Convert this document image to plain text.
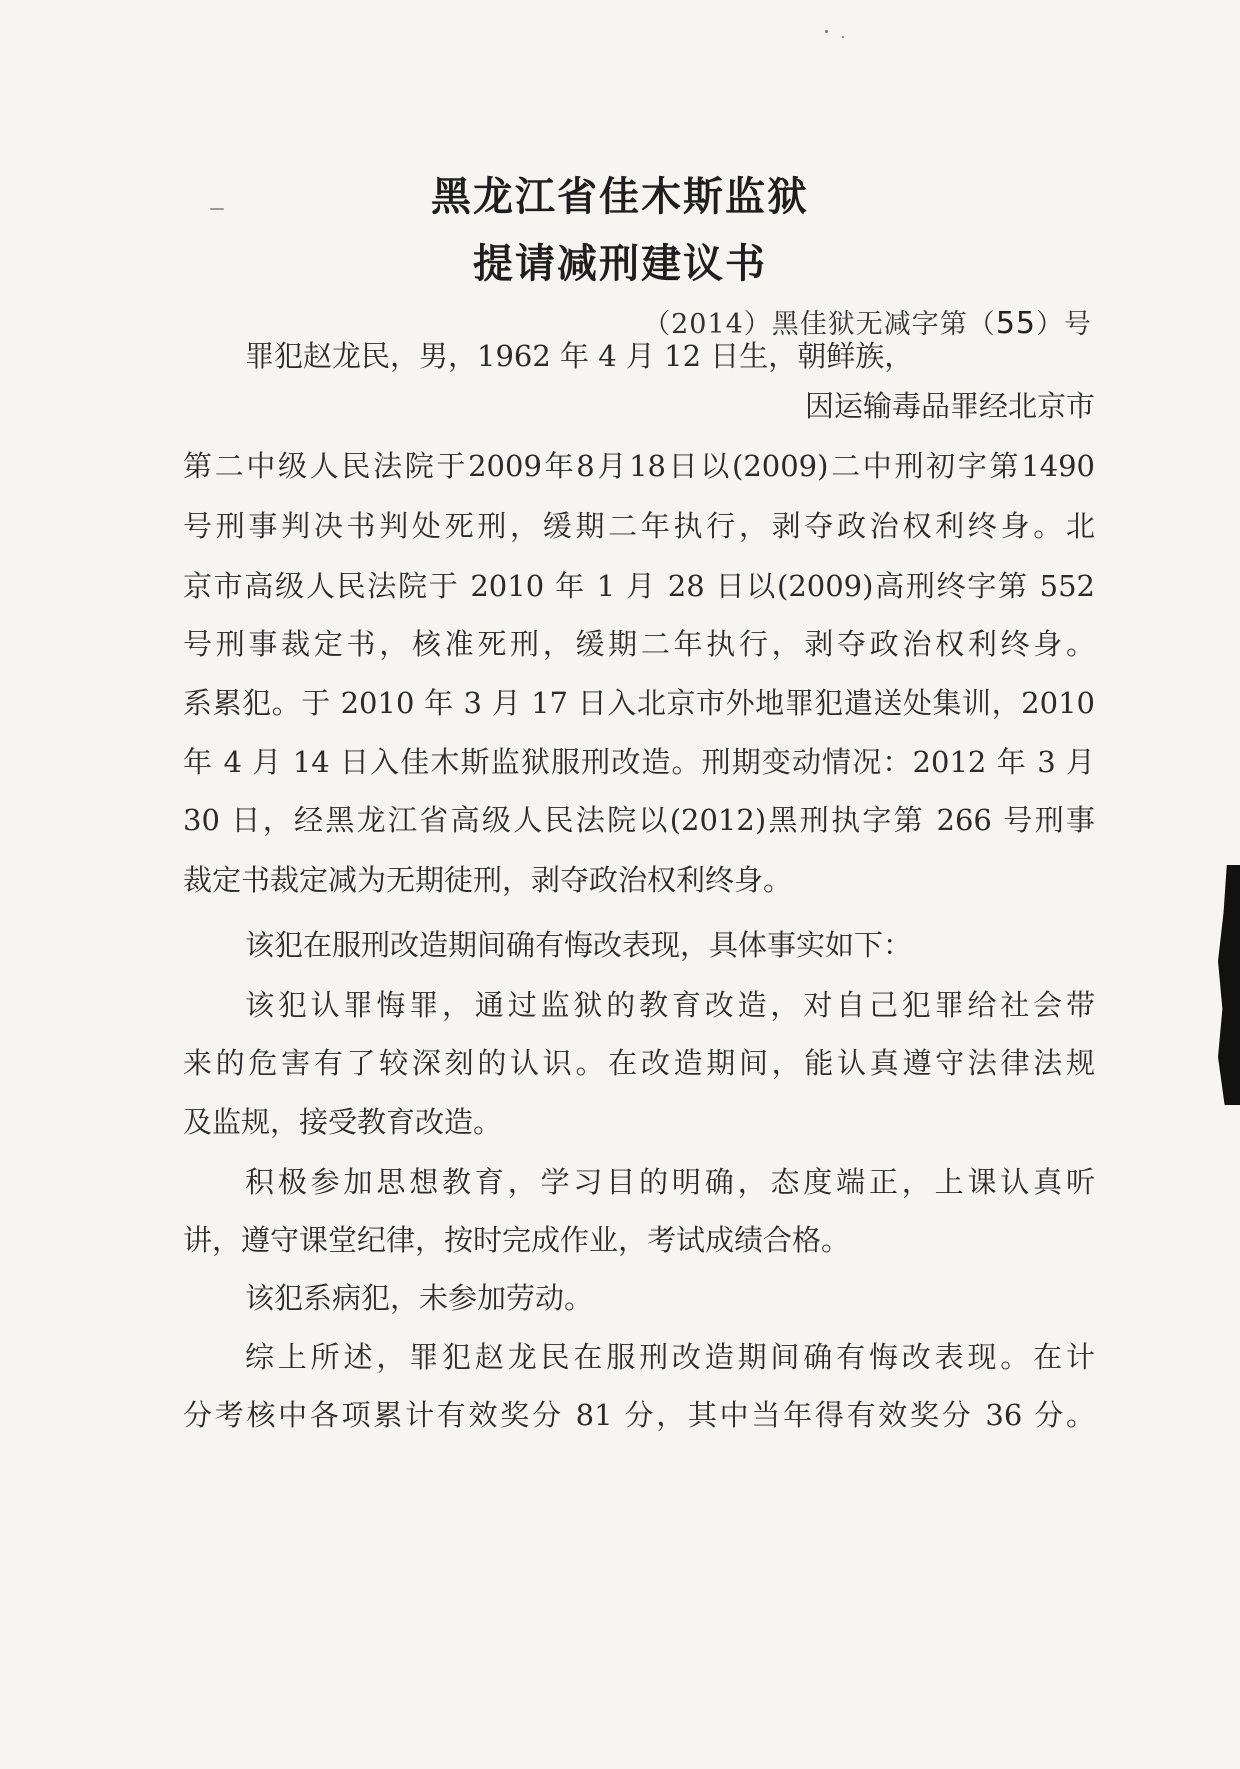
黑龙江省佳木斯监狱
提请减刑建议书
（2014）黑佳狱无减字第（55）号
罪犯赵龙民，男，1962 年 4 月 12 日生，朝鲜族，
因运输毒品罪经北京市
第二中级人民法院于2009年8月18日以(2009)二中刑初字第1490
号刑事判决书判处死刑，缓期二年执行，剥夺政治权利终身。北
京市高级人民法院于 2010 年 1 月 28 日以(2009)高刑终字第 552
号刑事裁定书，核准死刑，缓期二年执行，剥夺政治权利终身。
系累犯。于 2010 年 3 月 17 日入北京市外地罪犯遣送处集训，2010
年 4 月 14 日入佳木斯监狱服刑改造。刑期变动情况：2012 年 3 月
30 日，经黑龙江省高级人民法院以(2012)黑刑执字第 266 号刑事
裁定书裁定减为无期徒刑，剥夺政治权利终身。
该犯在服刑改造期间确有悔改表现，具体事实如下：
该犯认罪悔罪，通过监狱的教育改造，对自己犯罪给社会带
来的危害有了较深刻的认识。在改造期间，能认真遵守法律法规
及监规，接受教育改造。
积极参加思想教育，学习目的明确，态度端正，上课认真听
讲，遵守课堂纪律，按时完成作业，考试成绩合格。
该犯系病犯，未参加劳动。
综上所述，罪犯赵龙民在服刑改造期间确有悔改表现。在计
分考核中各项累计有效奖分 81 分，其中当年得有效奖分 36 分。
